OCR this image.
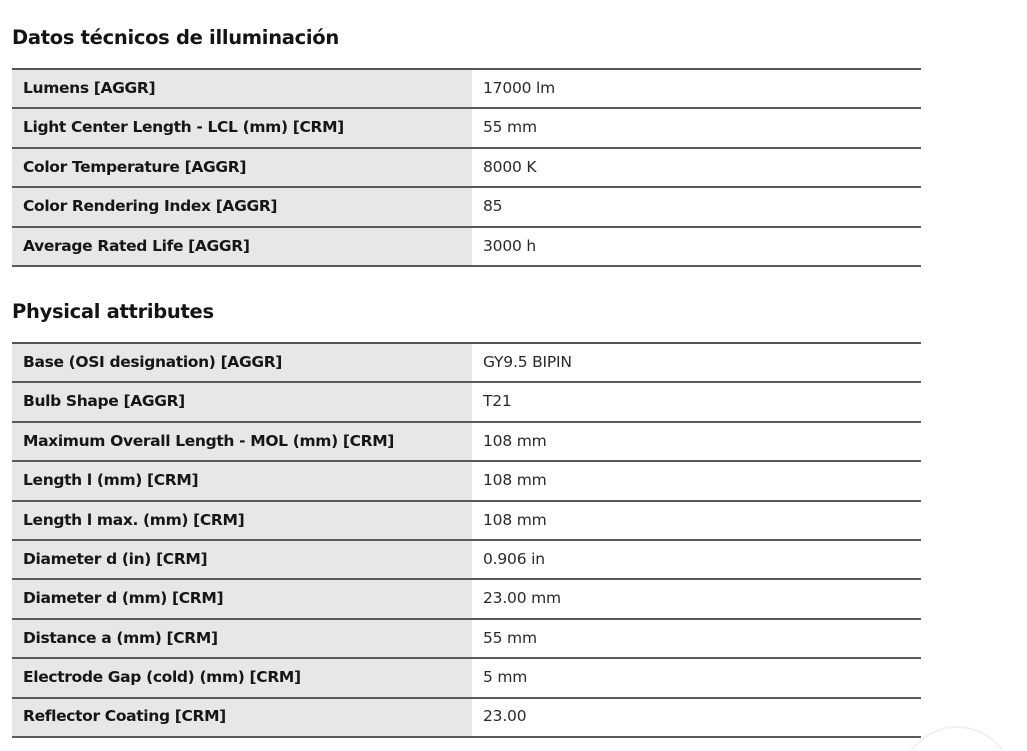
Datos técnicos de illuminación
Lumens [AGGR]	17000 lm
Light Center Length - LCL (mm) [CRM]	55 mm
Color Temperature [AGGR]	8000 K
Color Rendering Index [AGGR]	85
Average Rated Life [AGGR]	3000 h
Physical attributes
Base (OSI designation) [AGGR]	GY9.5 BIPIN
Bulb Shape [AGGR]	T21
Maximum Overall Length - MOL (mm) [CRM]	108 mm
Length l (mm) [CRM]	108 mm
Length l max. (mm) [CRM]	108 mm
Diameter d (in) [CRM]	0.906 in
Diameter d (mm) [CRM]	23.00 mm
Distance a (mm) [CRM]	55 mm
Electrode Gap (cold) (mm) [CRM]	5 mm
Reflector Coating [CRM]	23.00
